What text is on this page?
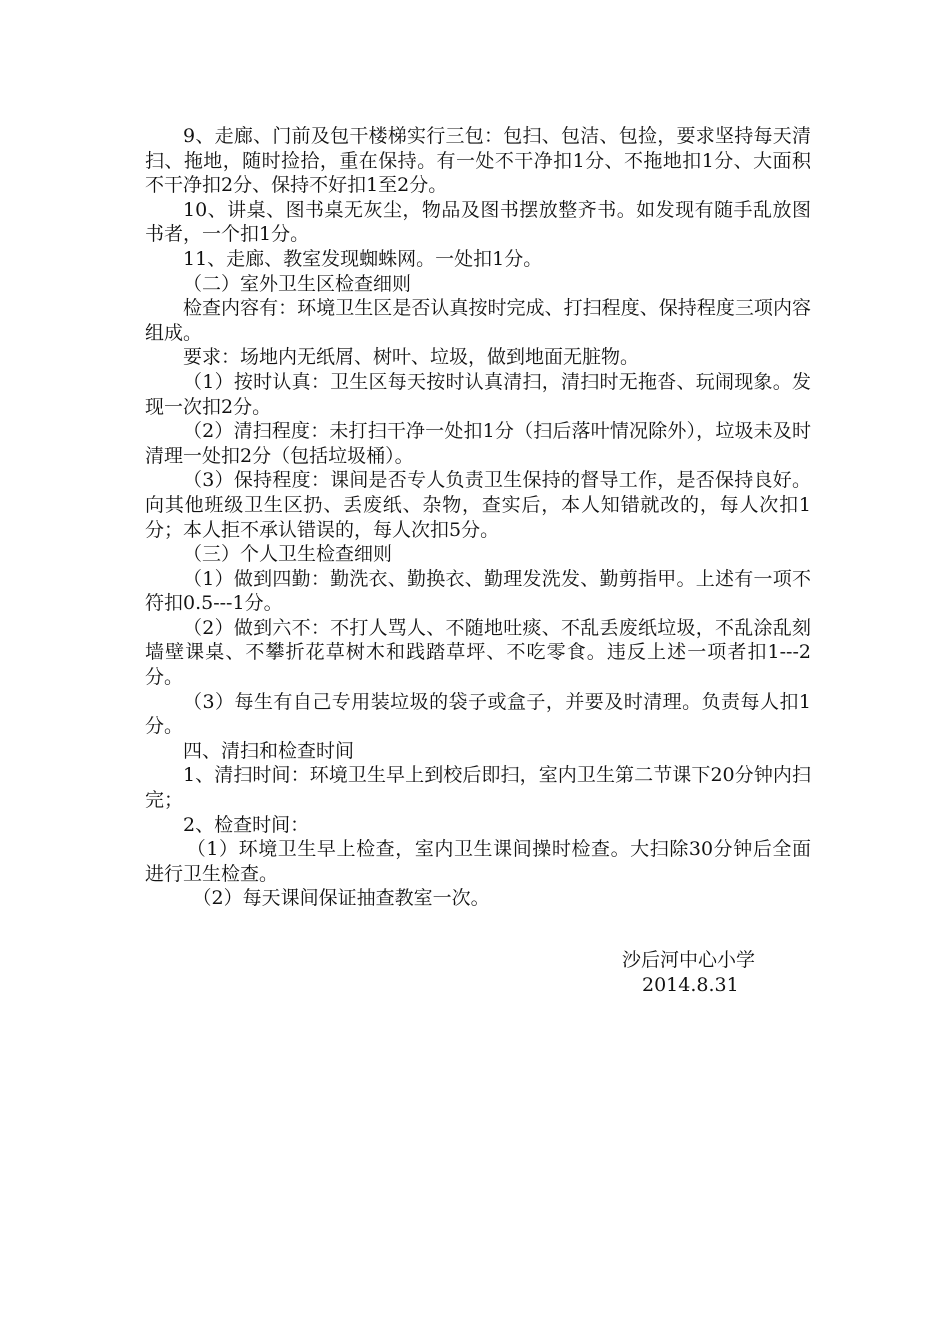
9、走廊、门前及包干楼梯实行三包：包扫、包洁、包捡，要求坚持每天清扫、拖地，随时捡拾，重在保持。有一处不干净扣1分、不拖地扣1分、大面积不干净扣2分、保持不好扣1至2分。

10、讲桌、图书桌无灰尘，物品及图书摆放整齐书。如发现有随手乱放图书者，一个扣1分。

11、走廊、教室发现蜘蛛网。一处扣1分。

（二）室外卫生区检查细则

检查内容有：环境卫生区是否认真按时完成、打扫程度、保持程度三项内容组成。

要求：场地内无纸屑、树叶、垃圾，做到地面无脏物。

（1）按时认真：卫生区每天按时认真清扫，清扫时无拖沓、玩闹现象。发现一次扣2分。

（2）清扫程度：未打扫干净一处扣1分（扫后落叶情况除外），垃圾未及时清理一处扣2分（包括垃圾桶）。

（3）保持程度：课间是否专人负责卫生保持的督导工作，是否保持良好。向其他班级卫生区扔、丢废纸、杂物，查实后，本人知错就改的，每人次扣1分；本人拒不承认错误的，每人次扣5分。

（三）个人卫生检查细则

（1）做到四勤：勤洗衣、勤换衣、勤理发洗发、勤剪指甲。上述有一项不符扣0.5---1分。

（2）做到六不：不打人骂人、不随地吐痰、不乱丢废纸垃圾，不乱涂乱刻墙壁课桌、不攀折花草树木和践踏草坪、不吃零食。违反上述一项者扣1---2分。

（3）每生有自己专用装垃圾的袋子或盒子，并要及时清理。负责每人扣1分。

四、清扫和检查时间

1、清扫时间：环境卫生早上到校后即扫，室内卫生第二节课下20分钟内扫完；

2、检查时间：

（1）环境卫生早上检查，室内卫生课间操时检查。大扫除30分钟后全面进行卫生检查。

（2）每天课间保证抽查教室一次。

沙后河中心小学
2014.8.31
